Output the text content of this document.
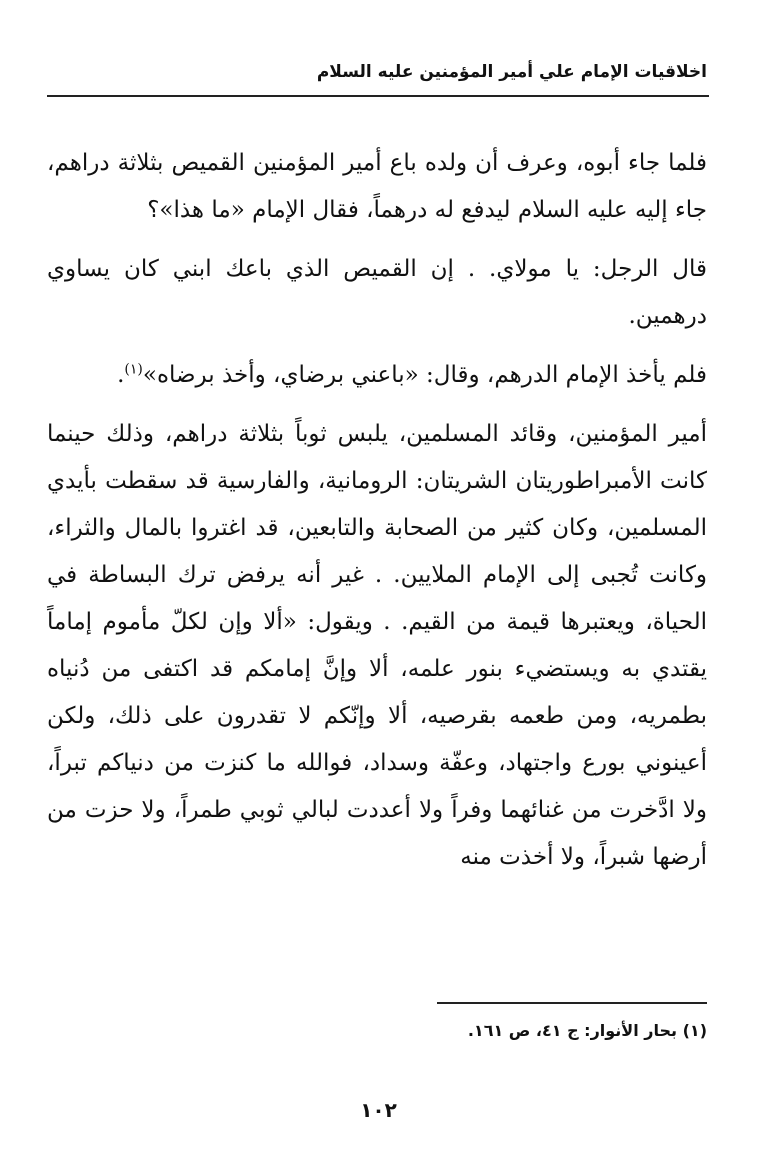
اخلاقيات الإمام علي أمير المؤمنين عليه السلام

فلما جاء أبوه، وعرف أن ولده باع أمير المؤمنين القميص بثلاثة دراهم، جاء إليه عليه السلام ليدفع له درهماً، فقال الإمام «ما هذا»؟

قال الرجل: يا مولاي. . إن القميص الذي باعك ابني كان يساوي درهمين.

فلم يأخذ الإمام الدرهم، وقال: «باعني برضاي، وأخذ برضاه»$^{(١)}$.

أمير المؤمنين، وقائد المسلمين، يلبس ثوباً بثلاثة دراهم، وذلك حينما كانت الأمبراطوريتان الشريتان: الرومانية، والفارسية قد سقطت بأيدي المسلمين، وكان كثير من الصحابة والتابعين، قد اغتروا بالمال والثراء، وكانت تُجبى إلى الإمام الملايين. . غير أنه يرفض ترك البساطة في الحياة، ويعتبرها قيمة من القيم. . ويقول: «ألا وإن لكلّ مأموم إماماً يقتدي به ويستضيء بنور علمه، ألا وإنَّ إمامكم قد اكتفى من دُنياه بطمريه، ومن طعمه بقرصيه، ألا وإنّكم لا تقدرون على ذلك، ولكن أعينوني بورع واجتهاد، وعفّة وسداد، فوالله ما كنزت من دنياكم تبراً، ولا ادَّخرت من غنائهما وفراً ولا أعددت لبالي ثوبي طمراً، ولا حزت من أرضها شبراً، ولا أخذت منه

(١) بحار الأنوار: ج ٤١، ص ١٦١.
١٠٢
